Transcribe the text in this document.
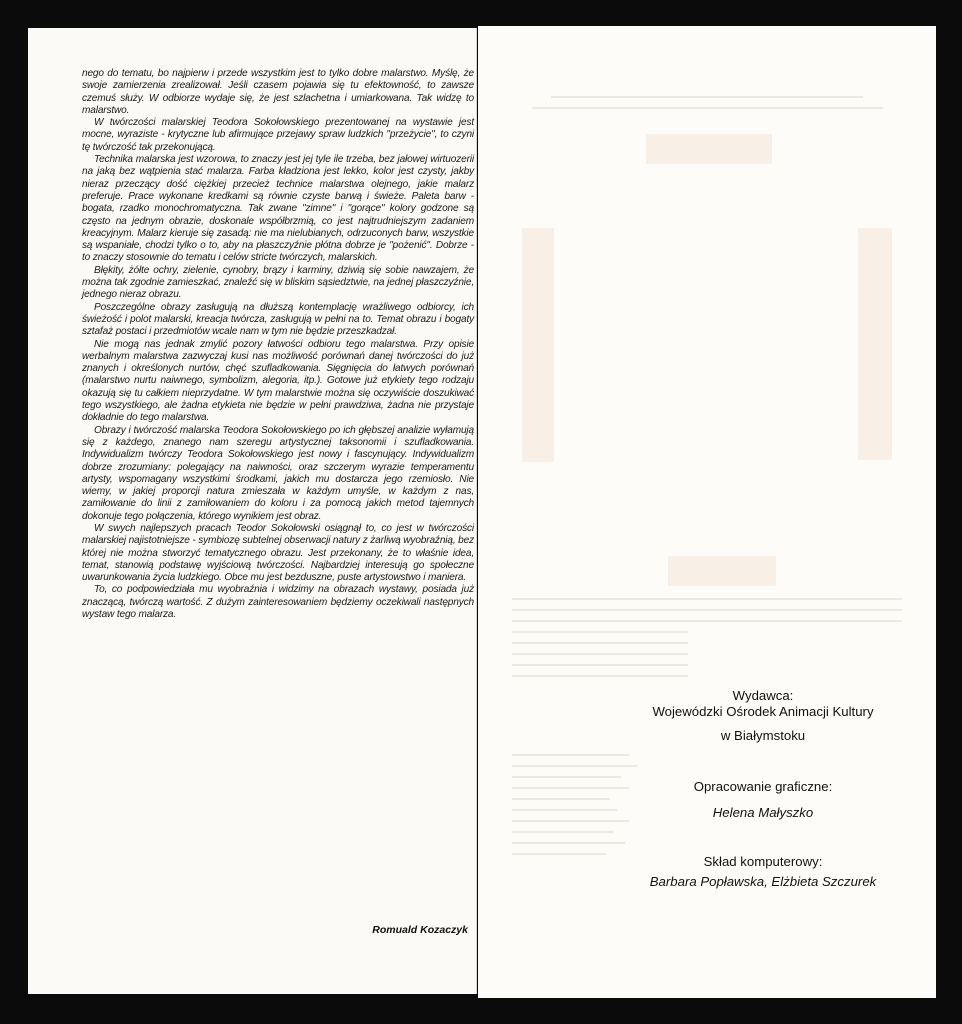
nego do tematu, bo najpierw i przede wszystkim jest to tylko dobre malarstwo. Myślę, że swoje zamierzenia zrealizował. Jeśli czasem pojawia się tu efektowność, to zawsze czemuś służy. W odbiorze wydaje się, że jest szlachetna i umiarkowana. Tak widzę to malarstwo.

W twórczości malarskiej Teodora Sokołowskiego prezentowanej na wystawie jest mocne, wyraziste - krytyczne lub afirmujące przejawy spraw ludzkich "przeżycie", to czyni tę twórczość tak przekonującą.

Technika malarska jest wzorowa, to znaczy jest jej tyle ile trzeba, bez jałowej wirtuozerii na jaką bez wątpienia stać malarza. Farba kładziona jest lekko, kolor jest czysty, jakby nieraz przeczący dość ciężkiej przecież technice malarstwa olejnego, jakie malarz preferuje. Prace wykonane kredkami są równie czyste barwą i świeże. Paleta barw - bogata, rzadko monochromatyczna. Tak zwane "zimne" i "gorące" kolory godzone są często na jednym obrazie, doskonale współbrzmią, co jest najtrudniejszym zadaniem kreacyjnym. Malarz kieruje się zasadą: nie ma nielubianych, odrzuconych barw, wszystkie są wspaniałe, chodzi tylko o to, aby na płaszczyźnie płótna dobrze je "pożenić". Dobrze - to znaczy stosownie do tematu i celów stricte twórczych, malarskich.

Błękity, żółte ochry, zielenie, cynobry, brązy i karminy, dziwią się sobie nawzajem, że można tak zgodnie zamieszkać, znaleźć się w bliskim sąsiedztwie, na jednej płaszczyźnie, jednego nieraz obrazu.

Poszczególne obrazy zasługują na dłuższą kontemplację wrażliwego odbiorcy, ich świeżość i polot malarski, kreacja twórcza, zasługują w pełni na to. Temat obrazu i bogaty sztafaż postaci i przedmiotów wcale nam w tym nie będzie przeszkadzał.

Nie mogą nas jednak zmylić pozory łatwości odbioru tego malarstwa. Przy opisie werbalnym malarstwa zazwyczaj kusi nas możliwość porównań danej twórczości do już znanych i określonych nurtów, chęć szufladkowania. Sięgnięcia do łatwych porównań (malarstwo nurtu naiwnego, symbolizm, alegoria, itp.). Gotowe już etykiety tego rodzaju okazują się tu całkiem nieprzydatne. W tym malarstwie można się oczywiście doszukiwać tego wszystkiego, ale żadna etykieta nie będzie w pełni prawdziwa, żadna nie przystaje dokładnie do tego malarstwa.

Obrazy i twórczość malarska Teodora Sokołowskiego po ich głębszej analizie wyłamują się z każdego, znanego nam szeregu artystycznej taksonomii i szufladkowania. Indywidualizm twórczy Teodora Sokołowskiego jest nowy i fascynujący. Indywidualizm dobrze zrozumiany: polegający na naiwności, oraz szczerym wyrazie temperamentu artysty, wspomagany wszystkimi środkami, jakich mu dostarcza jego rzemiosło. Nie wiemy, w jakiej proporcji natura zmieszała w każdym umyśle, w każdym z nas, zamiłowanie do linii z zamiłowaniem do koloru i za pomocą jakich metod tajemnych dokonuje tego połączenia, którego wynikiem jest obraz.

W swych najlepszych pracach Teodor Sokołowski osiągnął to, co jest w twórczości malarskiej najistotniejsze - symbiozę subtelnej obserwacji natury z żarliwą wyobraźnią, bez której nie można stworzyć tematycznego obrazu. Jest przekonany, że to właśnie idea, temat, stanowią podstawę wyjściową twórczości. Najbardziej interesują go społeczne uwarunkowania życia ludzkiego. Obce mu jest bezduszne, puste artystowstwo i maniera.

To, co podpowiedziała mu wyobraźnia i widzimy na obrazach wystawy, posiada już znaczącą, twórczą wartość. Z dużym zainteresowaniem będziemy oczekiwali następnych wystaw tego malarza.

Romuald Kozaczyk
Wydawca:
Wojewódzki Ośrodek Animacji Kultury
w Białymstoku
Opracowanie graficzne:
Helena Małyszko
Skład komputerowy:
Barbara Popławska, Elżbieta Szczurek
